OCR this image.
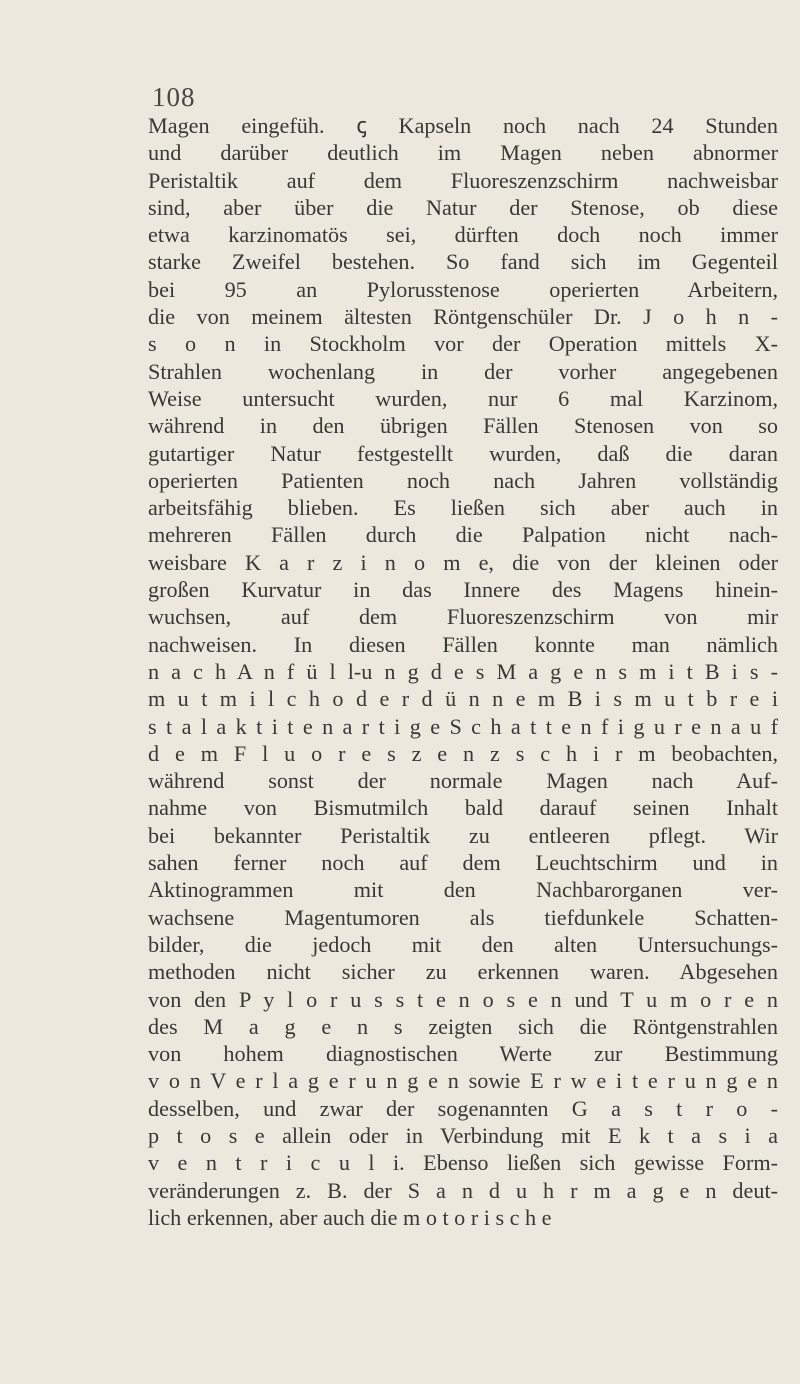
108
Magen eingefüh. ꞔ Kapseln noch nach 24 Stunden
und darüber deutlich im Magen neben abnormer
Peristaltik auf dem Fluoreszenzschirm nachweisbar
sind, aber über die Natur der Stenose, ob diese
etwa karzinomatös sei, dürften doch noch immer
starke Zweifel bestehen. So fand sich im Gegenteil
bei 95 an Pylorusstenose operierten Arbeitern,
die von meinem ältesten Röntgenschüler Dr. J o h n -
s o n in Stockholm vor der Operation mittels X-
Strahlen wochenlang in der vorher angegebenen
Weise untersucht wurden, nur 6 mal Karzinom,
während in den übrigen Fällen Stenosen von so
gutartiger Natur festgestellt wurden, daß die daran
operierten Patienten noch nach Jahren vollständig
arbeitsfähig blieben. Es ließen sich aber auch in
mehreren Fällen durch die Palpation nicht nach-
weisbare K a r z i n o m e, die von der kleinen oder
großen Kurvatur in das Innere des Magens hinein-
wuchsen, auf dem Fluoreszenzschirm von mir
nachweisen. In diesen Fällen konnte man nämlich
n a c h A n f ü l l-u n g d e s M a g e n s m i t B i s -
m u t m i l c h o d e r d ü n n e m B i s m u t b r e i
s t a l a k t i t e n a r t i g e S c h a t t e n f i g u r e n a u f
d e m F l u o r e s z e n z s c h i r m beobachten,
während sonst der normale Magen nach Auf-
nahme von Bismutmilch bald darauf seinen Inhalt
bei bekannter Peristaltik zu entleeren pflegt. Wir
sahen ferner noch auf dem Leuchtschirm und in
Aktinogrammen mit den Nachbarorganen ver-
wachsene Magentumoren als tiefdunkele Schatten-
bilder, die jedoch mit den alten Untersuchungs-
methoden nicht sicher zu erkennen waren. Abgesehen
von den P y l o r u s s t e n o s e n und T u m o r e n
des M a g e n s zeigten sich die Röntgenstrahlen
von hohem diagnostischen Werte zur Bestimmung
v o n V e r l a g e r u n g e n sowie E r w e i t e r u n g e n
desselben, und zwar der sogenannten G a s t r o -
p t o s e allein oder in Verbindung mit E k t a s i a
v e n t r i c u l i. Ebenso ließen sich gewisse Form-
veränderungen z. B. der S a n d u h r m a g e n deut-
lich erkennen, aber auch die m o t o r i s c h e
